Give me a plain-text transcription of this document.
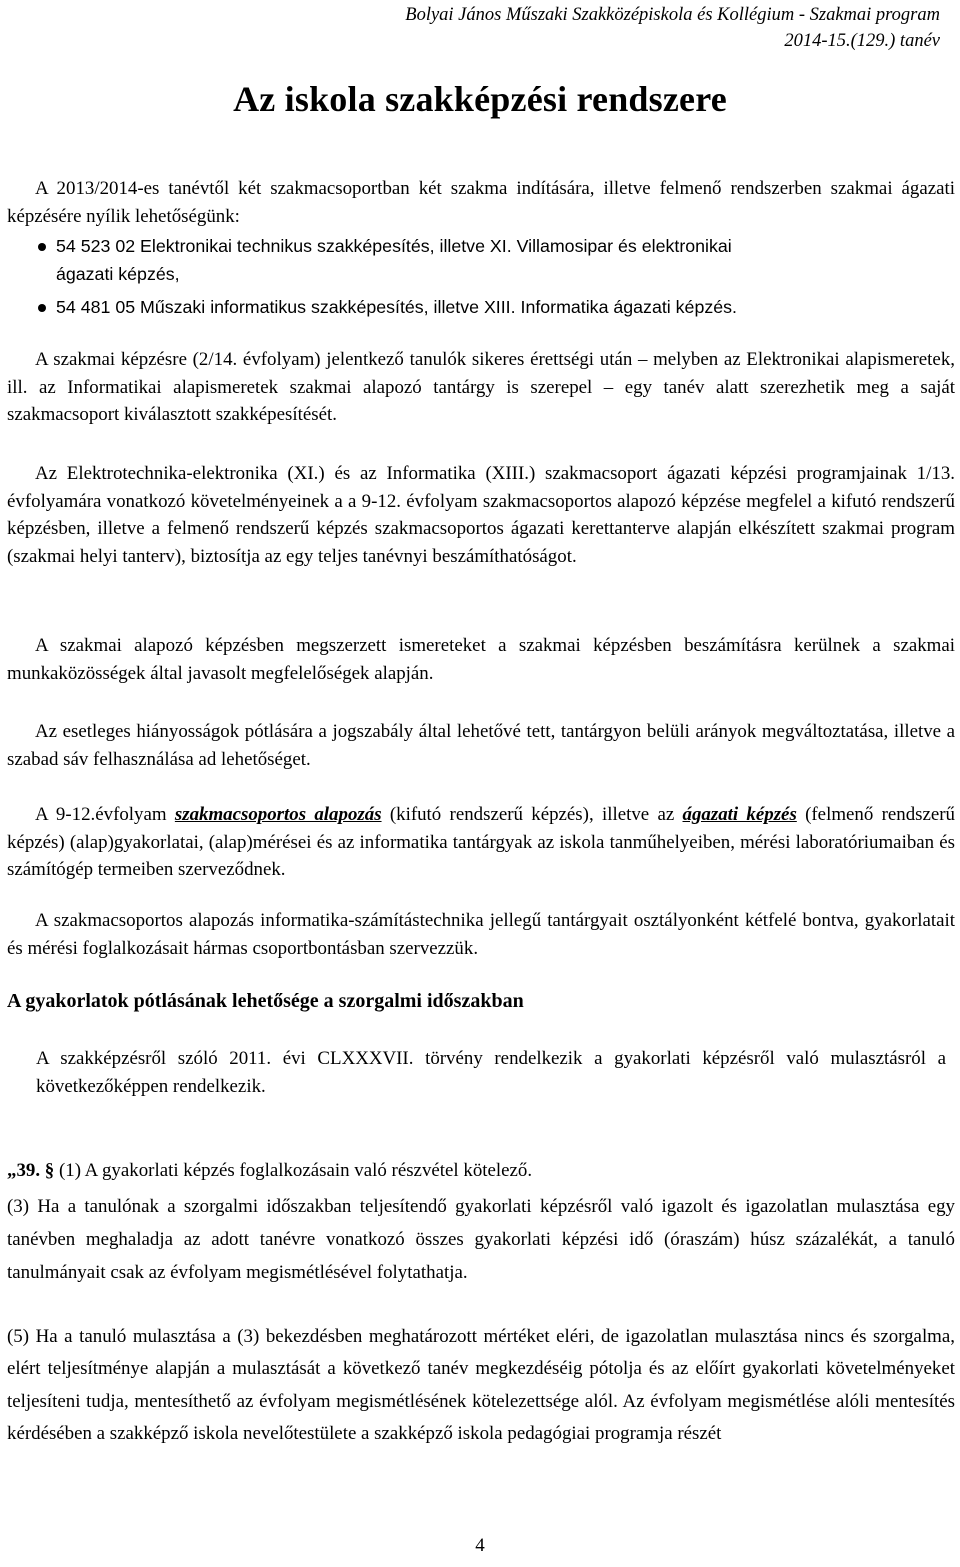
Bolyai János Műszaki Szakközépiskola és Kollégium - Szakmai program
2014-15.(129.) tanév
Az iskola szakképzési rendszere

A 2013/2014-es tanévtől két szakmacsoportban két szakma indítására, illetve felmenő rendszerben szakmai ágazati képzésére nyílik lehetőségünk:

54 523 02 Elektronikai technikus szakképesítés, illetve XI. Villamosipar és elektronikai
ágazati képzés,
54 481 05 Műszaki informatikus szakképesítés, illetve XIII. Informatika ágazati képzés.

A szakmai képzésre (2/14. évfolyam) jelentkező tanulók sikeres érettségi után – melyben az Elektronikai alapismeretek, ill. az Informatikai alapismeretek szakmai alapozó tantárgy is szerepel – egy tanév alatt szerezhetik meg a saját szakmacsoport kiválasztott szakképesítését.

Az Elektrotechnika-elektronika (XI.) és az Informatika (XIII.) szakmacsoport ágazati képzési programjainak 1/13. évfolyamára vonatkozó követelményeinek a a 9-12. évfolyam szakmacsoportos alapozó képzése megfelel a kifutó rendszerű képzésben, illetve a felmenő rendszerű képzés szakmacsoportos ágazati kerettanterve alapján elkészített szakmai program (szakmai helyi tanterv), biztosítja az egy teljes tanévnyi beszámíthatóságot.

A szakmai alapozó képzésben megszerzett ismereteket a szakmai képzésben beszámításra kerülnek a szakmai munkaközösségek által javasolt megfelelőségek alapján.

Az esetleges hiányosságok pótlására a jogszabály által lehetővé tett, tantárgyon belüli arányok megváltoztatása, illetve a szabad sáv felhasználása ad lehetőséget.

A 9-12.évfolyam szakmacsoportos alapozás (kifutó rendszerű képzés), illetve az ágazati képzés (felmenő rendszerű képzés) (alap)gyakorlatai, (alap)mérései és az informatika tantárgyak az iskola tanműhelyeiben, mérési laboratóriumaiban és számítógép termeiben szerveződnek.

A szakmacsoportos alapozás informatika-számítástechnika jellegű tantárgyait osztályonként kétfelé bontva, gyakorlatait és mérési foglalkozásait hármas csoportbontásban szervezzük.

A gyakorlatok pótlásának lehetősége a szorgalmi időszakban

A szakképzésről szóló 2011. évi CLXXXVII. törvény rendelkezik a gyakorlati képzésről való mulasztásról a következőképpen rendelkezik.

„39. § (1) A gyakorlati képzés foglalkozásain való részvétel kötelező.

(3) Ha a tanulónak a szorgalmi időszakban teljesítendő gyakorlati képzésről való igazolt és igazolatlan mulasztása egy tanévben meghaladja az adott tanévre vonatkozó összes gyakorlati képzési idő (óraszám) húsz százalékát, a tanuló tanulmányait csak az évfolyam megismétlésével folytathatja.

(5) Ha a tanuló mulasztása a (3) bekezdésben meghatározott mértéket eléri, de igazolatlan mulasztása nincs és szorgalma, elért teljesítménye alapján a mulasztását a következő tanév megkezdéséig pótolja és az előírt gyakorlati követelményeket teljesíteni tudja, mentesíthető az évfolyam megismétlésének kötelezettsége alól. Az évfolyam megismétlése alóli mentesítés kérdésében a szakképző iskola nevelőtestülete a szakképző iskola pedagógiai programja részét

4
